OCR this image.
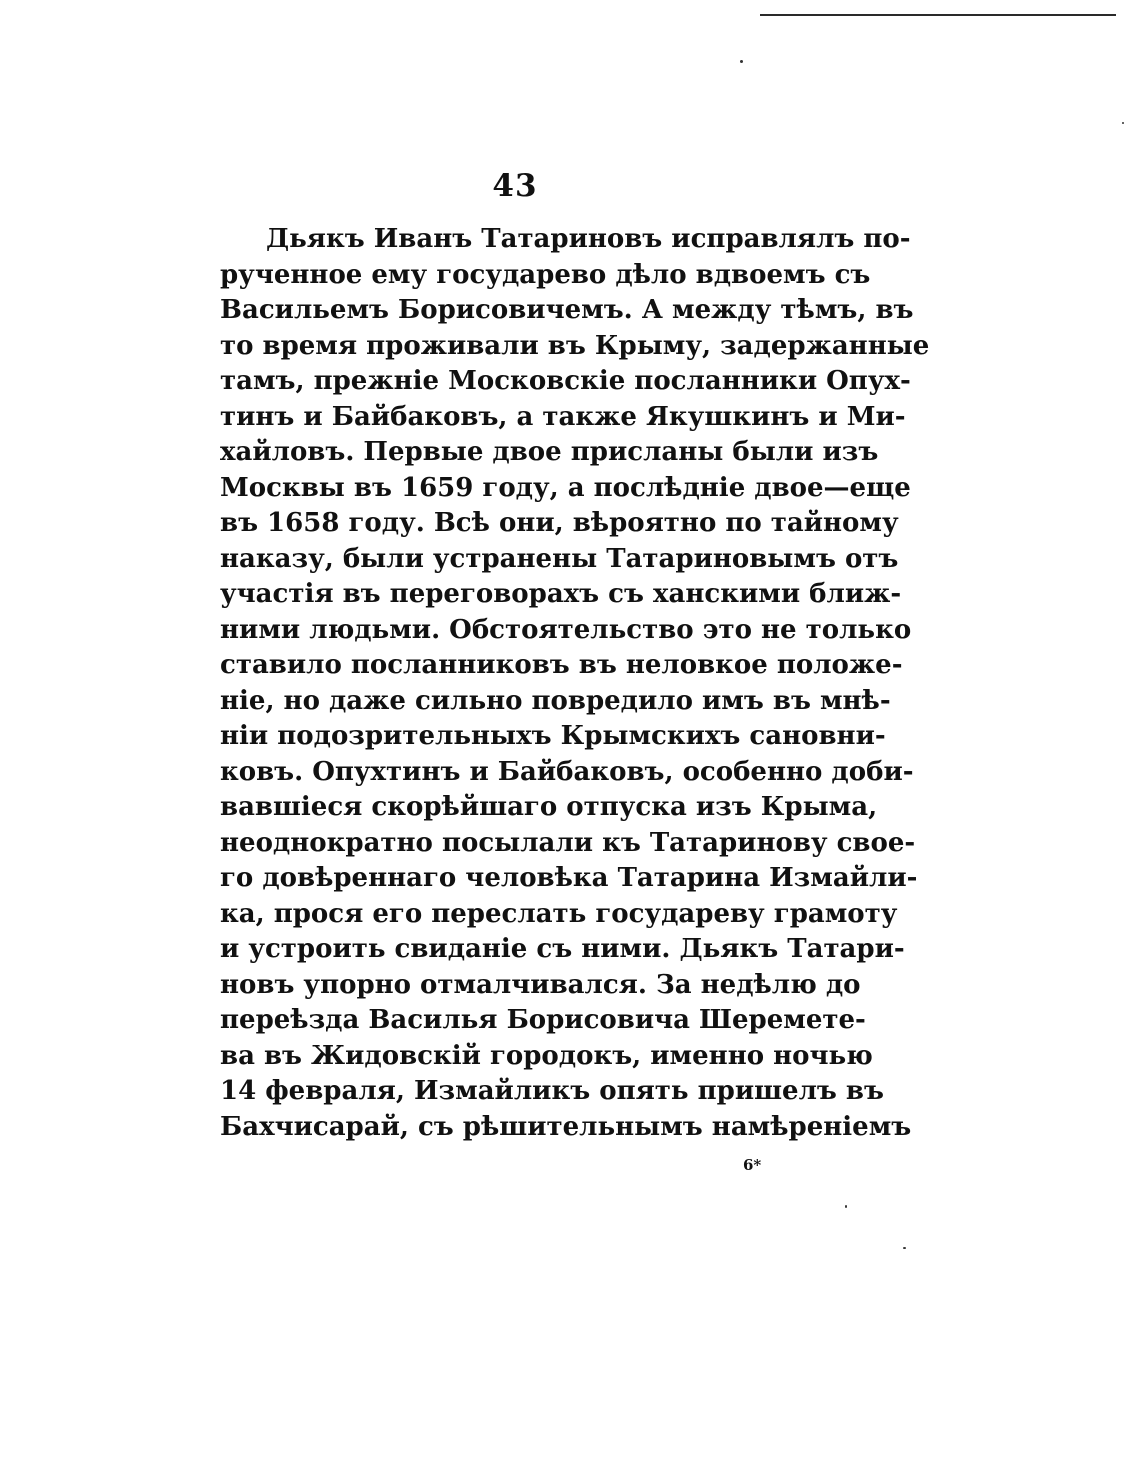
43
Дьякъ Иванъ Татариновъ исправлялъ по-
рученное ему государево дѣло вдвоемъ съ
Васильемъ Борисовичемъ. А между тѣмъ, въ
то время проживали въ Крыму, задержанные
тамъ, прежніе Московскіе посланники Опух-
тинъ и Байбаковъ, а также Якушкинъ и Ми-
хайловъ. Первые двое присланы были изъ
Москвы въ 1659 году, а послѣдніе двое—еще
въ 1658 году. Всѣ они, вѣроятно по тайному
наказу, были устранены Татариновымъ отъ
участія въ переговорахъ съ ханскими ближ-
ними людьми. Обстоятельство это не только
ставило посланниковъ въ неловкое положе-
ніе, но даже сильно повредило имъ въ мнѣ-
ніи подозрительныхъ Крымскихъ сановни-
ковъ. Опухтинъ и Байбаковъ, особенно доби-
вавшіеся скорѣйшаго отпуска изъ Крыма,
неоднократно посылали къ Татаринову свое-
го довѣреннаго человѣка Татарина Измайли-
ка, прося его переслать государеву грамоту
и устроить свиданіе съ ними. Дьякъ Татари-
новъ упорно отмалчивался. За недѣлю до
переѣзда Василья Борисовича Шеремете-
ва въ Жидовскій городокъ, именно ночью
14 февраля, Измайликъ опять пришелъ въ
Бахчисарай, съ рѣшительнымъ намѣреніемъ
6*
